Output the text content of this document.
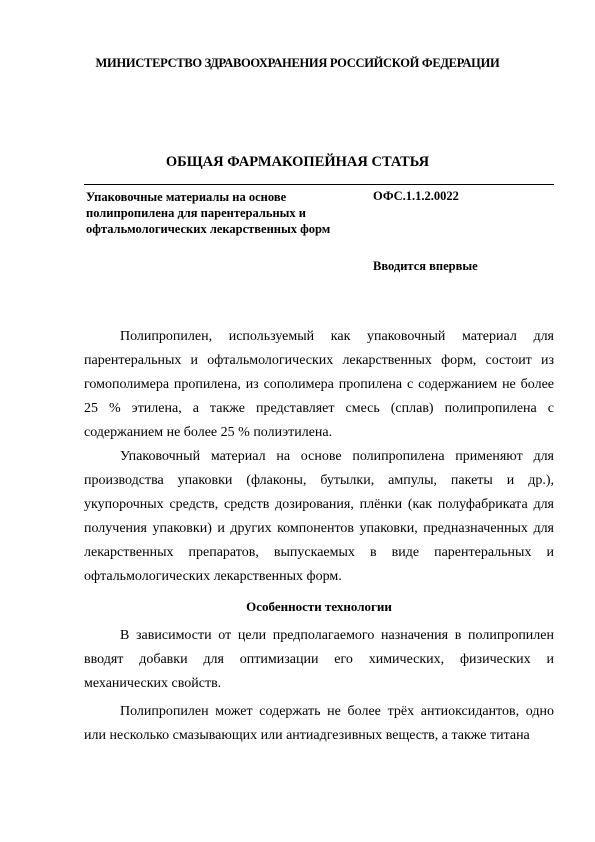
МИНИСТЕРСТВО ЗДРАВООХРАНЕНИЯ РОССИЙСКОЙ ФЕДЕРАЦИИ
ОБЩАЯ ФАРМАКОПЕЙНАЯ СТАТЬЯ
Упаковочные материалы на основе полипропилена для парентеральных и офтальмологических лекарственных форм
ОФС.1.1.2.0022
Вводится впервые

Полипропилен, используемый как упаковочный материал для парентеральных и офтальмологических лекарственных форм, состоит из гомополимера пропилена, из сополимера пропилена с содержанием не более 25 % этилена, а также представляет смесь (сплав) полипропилена с содержанием не более 25 % полиэтилена.

Упаковочный материал на основе полипропилена применяют для производства упаковки (флаконы, бутылки, ампулы, пакеты и др.), укупорочных средств, средств дозирования, плёнки (как полуфабриката для получения упаковки) и других компонентов упаковки, предназначенных для лекарственных препаратов, выпускаемых в виде парентеральных и офтальмологических лекарственных форм.

Особенности технологии

В зависимости от цели предполагаемого назначения в полипропилен вводят добавки для оптимизации его химических, физических и механических свойств.

Полипропилен может содержать не более трёх антиоксидантов, одно или несколько смазывающих или антиадгезивных веществ, а также титана
